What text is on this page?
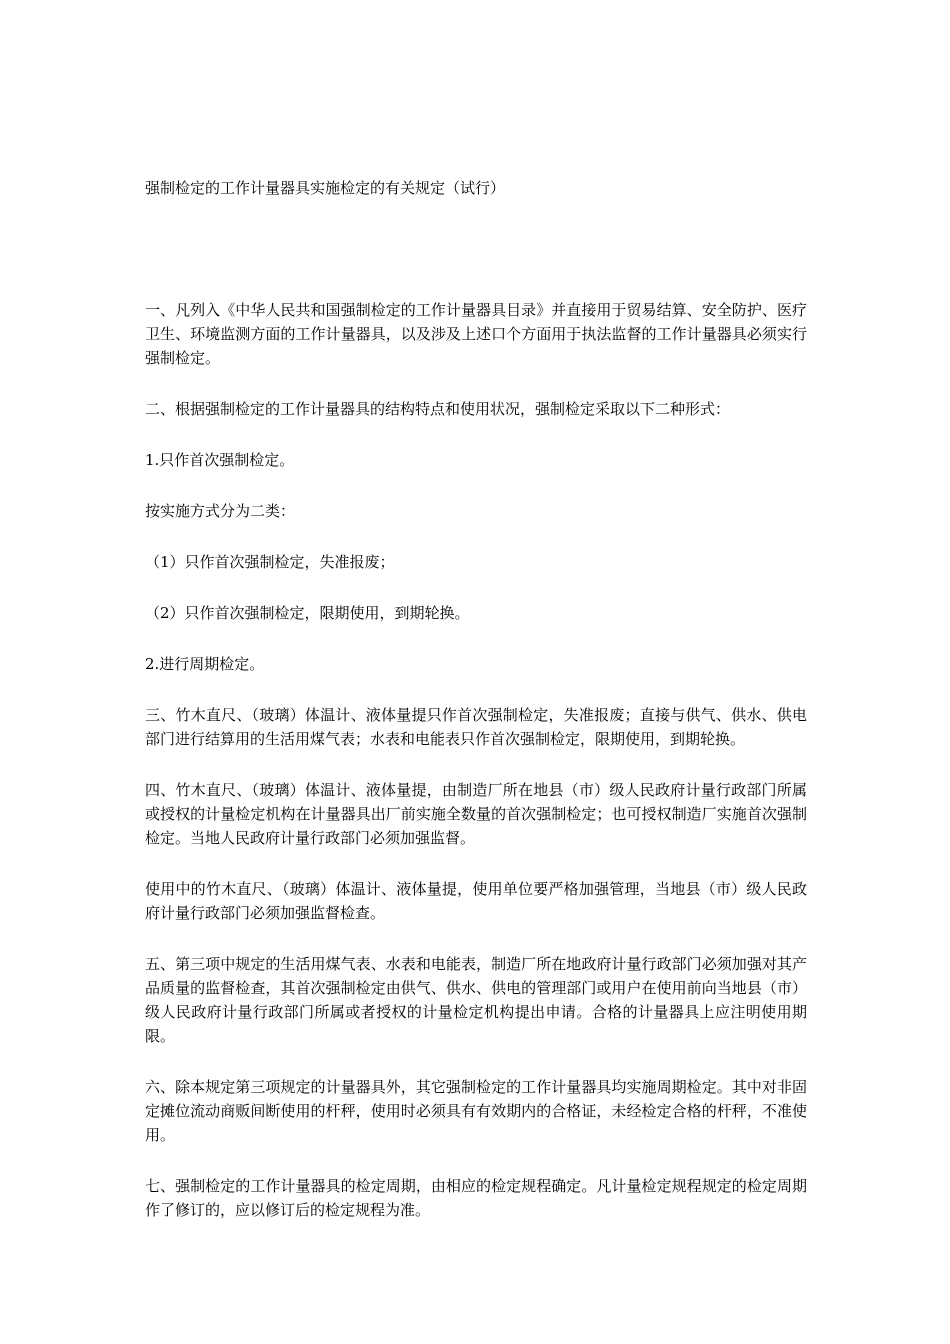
强制检定的工作计量器具实施检定的有关规定（试行）

一、凡列入《中华人民共和国强制检定的工作计量器具目录》并直接用于贸易结算、安全防护、医疗卫生、环境监测方面的工作计量器具，以及涉及上述口个方面用于执法监督的工作计量器具必须实行强制检定。

二、根据强制检定的工作计量器具的结构特点和使用状况，强制检定采取以下二种形式：

1.只作首次强制检定。

按实施方式分为二类：

（1）只作首次强制检定，失准报废；

（2）只作首次强制检定，限期使用，到期轮换。

2.进行周期检定。

三、竹木直尺、（玻璃）体温计、液体量提只作首次强制检定，失准报废；直接与供气、供水、供电部门进行结算用的生活用煤气表；水表和电能表只作首次强制检定，限期使用，到期轮换。

四、竹木直尺、（玻璃）体温计、液体量提，由制造厂所在地县（市）级人民政府计量行政部门所属或授权的计量检定机构在计量器具出厂前实施全数量的首次强制检定；也可授权制造厂实施首次强制检定。当地人民政府计量行政部门必须加强监督。

使用中的竹木直尺、（玻璃）体温计、液体量提，使用单位要严格加强管理，当地县（市）级人民政府计量行政部门必须加强监督检查。

五、第三项中规定的生活用煤气表、水表和电能表，制造厂所在地政府计量行政部门必须加强对其产品质量的监督检查，其首次强制检定由供气、供水、供电的管理部门或用户在使用前向当地县（市）级人民政府计量行政部门所属或者授权的计量检定机构提出申请。合格的计量器具上应注明使用期限。

六、除本规定第三项规定的计量器具外，其它强制检定的工作计量器具均实施周期检定。其中对非固定摊位流动商贩间断使用的杆秤，使用时必须具有有效期内的合格证，未经检定合格的杆秤，不准使用。

七、强制检定的工作计量器具的检定周期，由相应的检定规程确定。凡计量检定规程规定的检定周期作了修订的，应以修订后的检定规程为准。
